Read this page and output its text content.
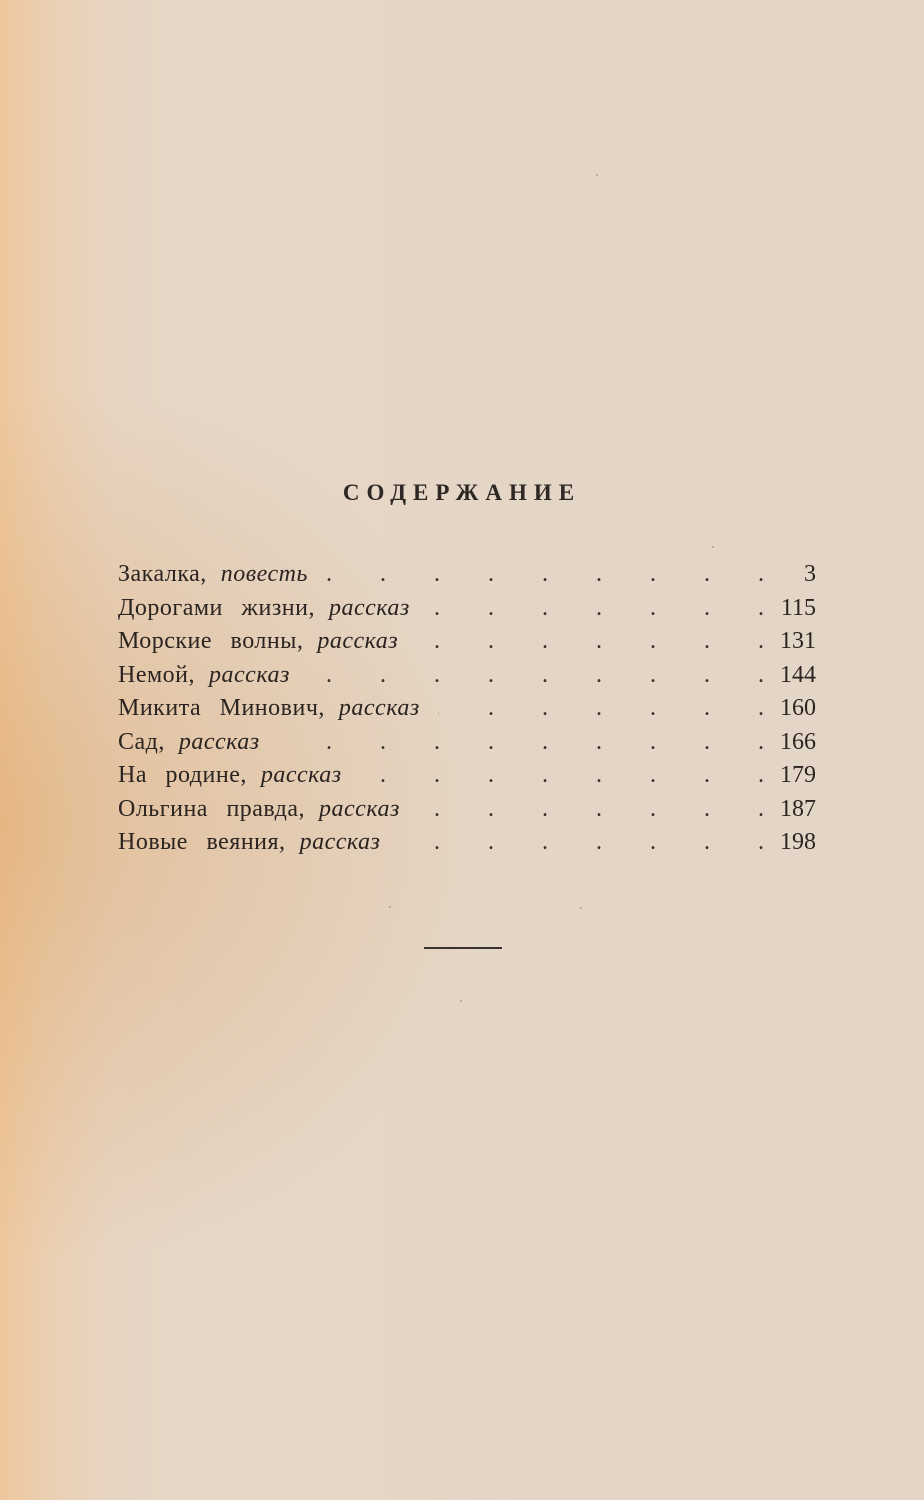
СОДЕРЖАНИЕ
Закалка, повесть .	3
Дорогами жизни, рассказ .	115
Морские волны, рассказ .	131
Немой, рассказ .	144
Микита Минович, рассказ .	160
Сад, рассказ .	166
На родине, рассказ .	179
Ольгина правда, рассказ .	187
Новые веяния, рассказ .	198
